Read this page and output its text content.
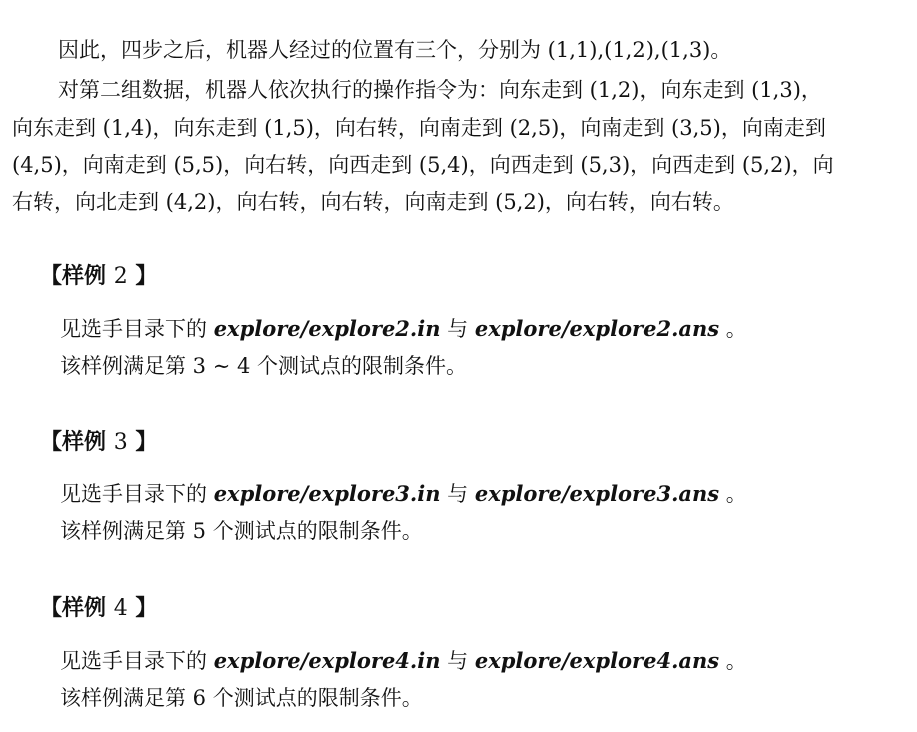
因此，四步之后，机器人经过的位置有三个，分别为 (1,1),(1,2),(1,3)。
对第二组数据，机器人依次执行的操作指令为：向东走到 (1,2)，向东走到 (1,3)，
向东走到 (1,4)，向东走到 (1,5)，向右转，向南走到 (2,5)，向南走到 (3,5)，向南走到
(4,5)，向南走到 (5,5)，向右转，向西走到 (5,4)，向西走到 (5,3)，向西走到 (5,2)，向
右转，向北走到 (4,2)，向右转，向右转，向南走到 (5,2)，向右转，向右转。
【样例 2 】
见选手目录下的 explore/explore2.in 与 explore/explore2.ans 。
该样例满足第 3 ∼ 4 个测试点的限制条件。
【样例 3 】
见选手目录下的 explore/explore3.in 与 explore/explore3.ans 。
该样例满足第 5 个测试点的限制条件。
【样例 4 】
见选手目录下的 explore/explore4.in 与 explore/explore4.ans 。
该样例满足第 6 个测试点的限制条件。
